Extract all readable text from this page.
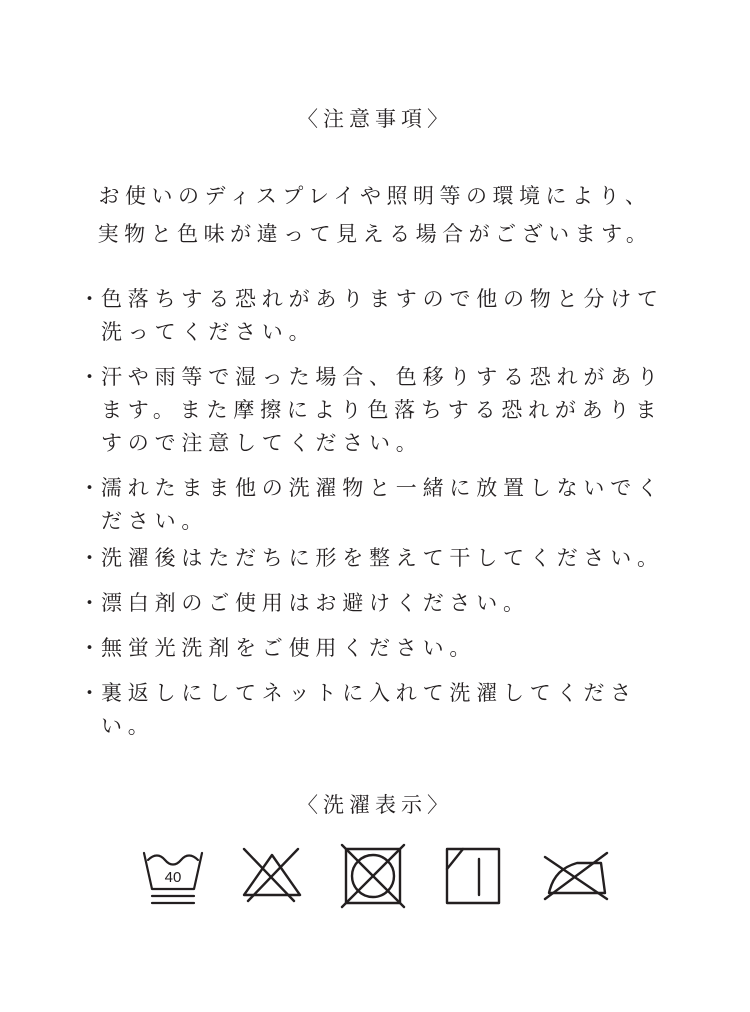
〈注意事項〉
お使いのディスプレイや照明等の環境により、
実物と色味が違って見える場合がございます。
・ 色落ちする恐れがありますので他の物と分けて洗ってください。
・ 汗や雨等で湿った場合、色移りする恐れがあります。また摩擦により色落ちする恐れがありますので注意してください。
・ 濡れたまま他の洗濯物と一緒に放置しないでください。
・ 洗濯後はただちに形を整えて干してください。
・ 漂白剤のご使用はお避けください。
・ 無蛍光洗剤をご使用ください。
・ 裏返しにしてネットに入れて洗濯してください。
〈洗濯表示〉
40
